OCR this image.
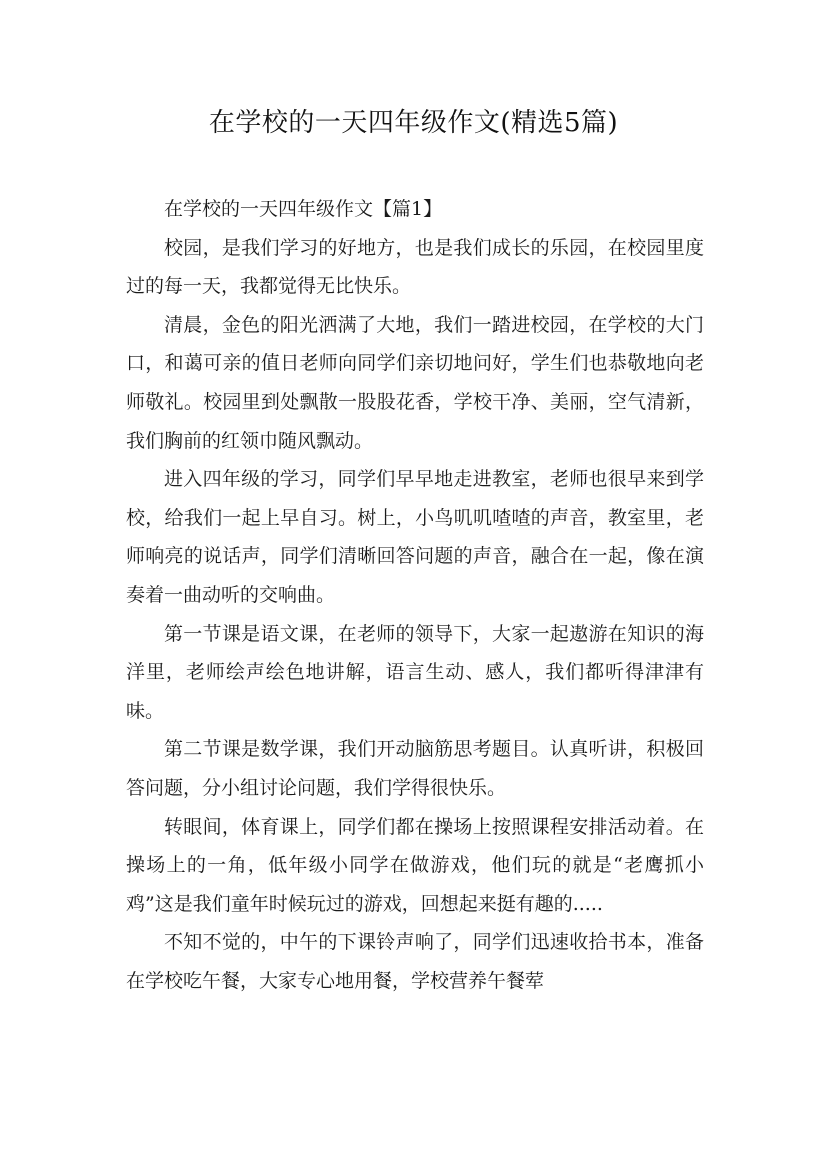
在学校的一天四年级作文(精选5篇)

在学校的一天四年级作文【篇1】

校园，是我们学习的好地方，也是我们成长的乐园，在校园里度过的每一天，我都觉得无比快乐。

清晨，金色的阳光洒满了大地，我们一踏进校园，在学校的大门口，和蔼可亲的值日老师向同学们亲切地问好，学生们也恭敬地向老师敬礼。校园里到处飘散一股股花香，学校干净、美丽，空气清新，我们胸前的红领巾随风飘动。

进入四年级的学习，同学们早早地走进教室，老师也很早来到学校，给我们一起上早自习。树上，小鸟叽叽喳喳的声音，教室里，老师响亮的说话声，同学们清晰回答问题的声音，融合在一起，像在演奏着一曲动听的交响曲。

第一节课是语文课，在老师的领导下，大家一起遨游在知识的海洋里，老师绘声绘色地讲解，语言生动、感人，我们都听得津津有味。

第二节课是数学课，我们开动脑筋思考题目。认真听讲，积极回答问题，分小组讨论问题，我们学得很快乐。

转眼间，体育课上，同学们都在操场上按照课程安排活动着。在操场上的一角，低年级小同学在做游戏，他们玩的就是“老鹰抓小鸡”这是我们童年时候玩过的游戏，回想起来挺有趣的.....

不知不觉的，中午的下课铃声响了，同学们迅速收拾书本，准备在学校吃午餐，大家专心地用餐，学校营养午餐荤
